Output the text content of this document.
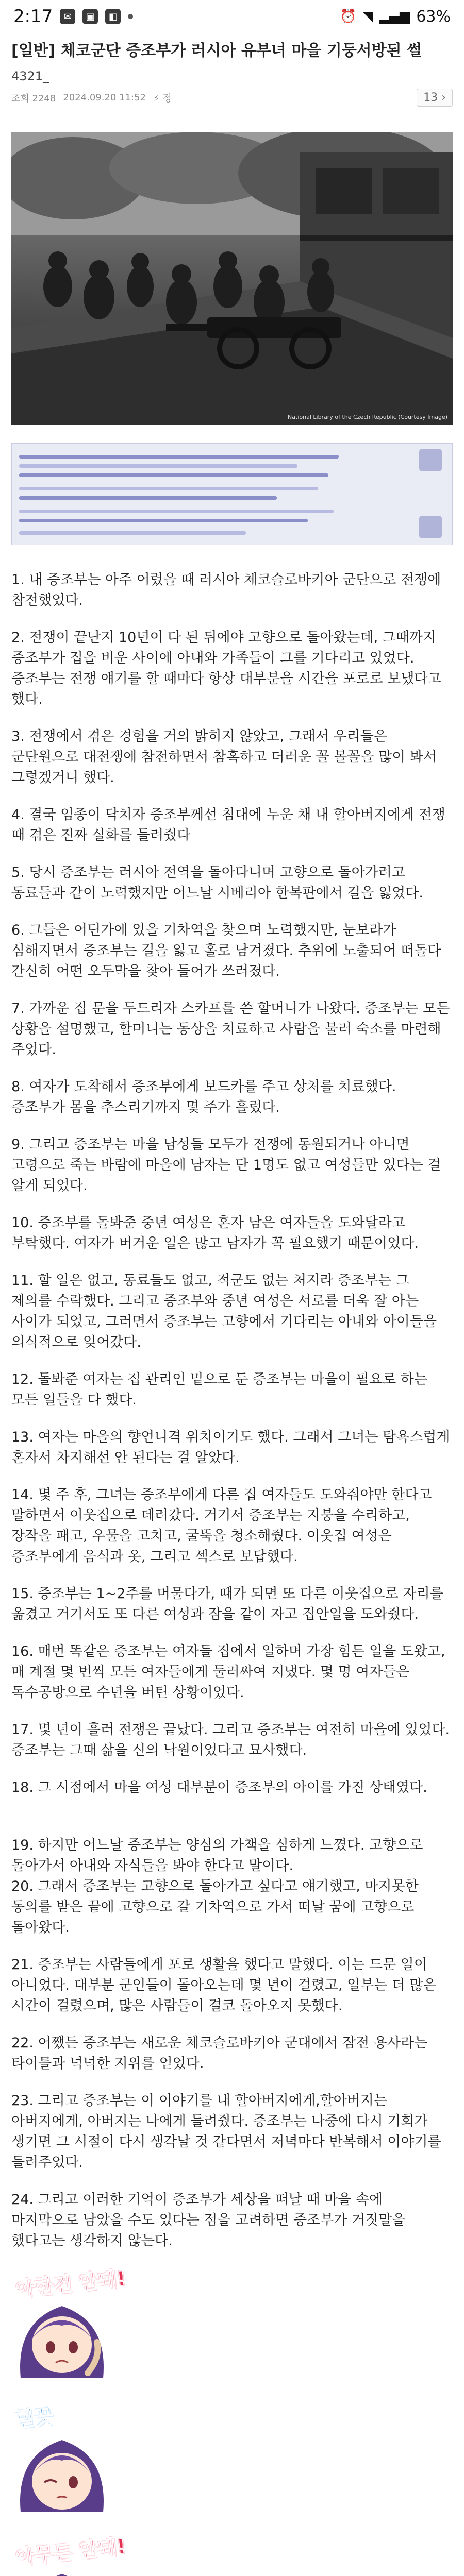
2:17	✉	▣	◧	⏰ ◥ ▂▄▆ 63%
[일반] 체코군단 증조부가 러시아 유부녀 마을 기둥서방된 썰
4321_
조회 2248 2024.09.20 11:52 ⚡ 정	13 ›
National Library of the Czech Republic (Courtesy Image)

1. 내 증조부는 아주 어렸을 때 러시아 체코슬로바키아 군단으로 전쟁에 참전했었다.

2. 전쟁이 끝난지 10년이 다 된 뒤에야 고향으로 돌아왔는데, 그때까지 증조부가 집을 비운 사이에 아내와 가족들이 그를 기다리고 있었다. 증조부는 전쟁 얘기를 할 때마다 항상 대부분을 시간을 포로로 보냈다고 했다.

3. 전쟁에서 겪은 경험을 거의 밝히지 않았고, 그래서 우리들은 군단원으로 대전쟁에 참전하면서 참혹하고 더러운 꼴 볼꼴을 많이 봐서 그렇겠거니 했다.

4. 결국 임종이 닥치자 증조부께선 침대에 누운 채 내 할아버지에게 전쟁 때 겪은 진짜 실화를 들려줬다

5. 당시 증조부는 러시아 전역을 돌아다니며 고향으로 돌아가려고 동료들과 같이 노력했지만 어느날 시베리아 한복판에서 길을 잃었다.

6. 그들은 어딘가에 있을 기차역을 찾으며 노력했지만, 눈보라가 심해지면서 증조부는 길을 잃고 홀로 남겨졌다. 추위에 노출되어 떠돌다 간신히 어떤 오두막을 찾아 들어가 쓰러졌다.

7. 가까운 집 문을 두드리자 스카프를 쓴 할머니가 나왔다. 증조부는 모든 상황을 설명했고, 할머니는 동상을 치료하고 사람을 불러 숙소를 마련해 주었다.

8. 여자가 도착해서 증조부에게 보드카를 주고 상처를 치료했다. 증조부가 몸을 추스리기까지 몇 주가 흘렀다.

9. 그리고 증조부는 마을 남성들 모두가 전쟁에 동원되거나 아니면 고령으로 죽는 바람에 마을에 남자는 단 1명도 없고 여성들만 있다는 걸 알게 되었다.

10. 증조부를 돌봐준 중년 여성은 혼자 남은 여자들을 도와달라고 부탁했다. 여자가 버거운 일은 많고 남자가 꼭 필요했기 때문이었다.

11. 할 일은 없고, 동료들도 없고, 적군도 없는 처지라 증조부는 그 제의를 수락했다. 그리고 증조부와 중년 여성은 서로를 더욱 잘 아는 사이가 되었고, 그러면서 증조부는 고향에서 기다리는 아내와 아이들을 의식적으로 잊어갔다.

12. 돌봐준 여자는 집 관리인 밑으로 둔 증조부는 마을이 필요로 하는 모든 일들을 다 했다.

13. 여자는 마을의 향언니격 위치이기도 했다. 그래서 그녀는 탐욕스럽게 혼자서 차지해선 안 된다는 걸 알았다.

14. 몇 주 후, 그녀는 증조부에게 다른 집 여자들도 도와줘야만 한다고 말하면서 이웃집으로 데려갔다. 거기서 증조부는 지붕을 수리하고, 장작을 패고, 우물을 고치고, 굴뚝을 청소해줬다. 이웃집 여성은 증조부에게 음식과 옷, 그리고 섹스로 보답했다.

15. 증조부는 1~2주를 머물다가, 때가 되면 또 다른 이웃집으로 자리를 옮겼고 거기서도 또 다른 여성과 잠을 같이 자고 집안일을 도와줬다.

16. 매번 똑같은 증조부는 여자들 집에서 일하며 가장 힘든 일을 도왔고, 매 계절 몇 번씩 모든 여자들에게 둘러싸여 지냈다. 몇 명 여자들은 독수공방으로 수년을 버틴 상황이었다.

17. 몇 년이 흘러 전쟁은 끝났다. 그리고 증조부는 여전히 마을에 있었다. 증조부는 그때 삶을 신의 낙원이었다고 묘사했다.

18. 그 시점에서 마을 여성 대부분이 증조부의 아이를 가진 상태였다.

19. 하지만 어느날 증조부는 양심의 가책을 심하게 느꼈다. 고향으로 돌아가서 아내와 자식들을 봐야 한다고 말이다.

20. 그래서 증조부는 고향으로 돌아가고 싶다고 얘기했고, 마지못한 동의를 받은 끝에 고향으로 갈 기차역으로 가서 떠날 꿈에 고향으로 돌아왔다.

21. 증조부는 사람들에게 포로 생활을 했다고 말했다. 이는 드문 일이 아니었다. 대부분 군인들이 돌아오는데 몇 년이 걸렸고, 일부는 더 많은 시간이 걸렸으며, 많은 사람들이 결코 돌아오지 못했다.

22. 어쨌든 증조부는 새로운 체코슬로바키아 군대에서 잠전 용사라는 타이틀과 넉넉한 지위를 얻었다.

23. 그리고 증조부는 이 이야기를 내 할아버지에게,할아버지는 아버지에게, 아버지는 나에게 들려줬다. 증조부는 나중에 다시 기회가 생기면 그 시절이 다시 생각날 것 같다면서 저녁마다 반복해서 이야기를 들려주었다.

24. 그리고 이러한 기억이 증조부가 세상을 떠날 때 마을 속에 마지막으로 남았을 수도 있다는 점을 고려하면 증조부가 거짓말을 했다고는 생각하지 않는다.

아한건 안돼!
힐끗
아무튼 안돼!
